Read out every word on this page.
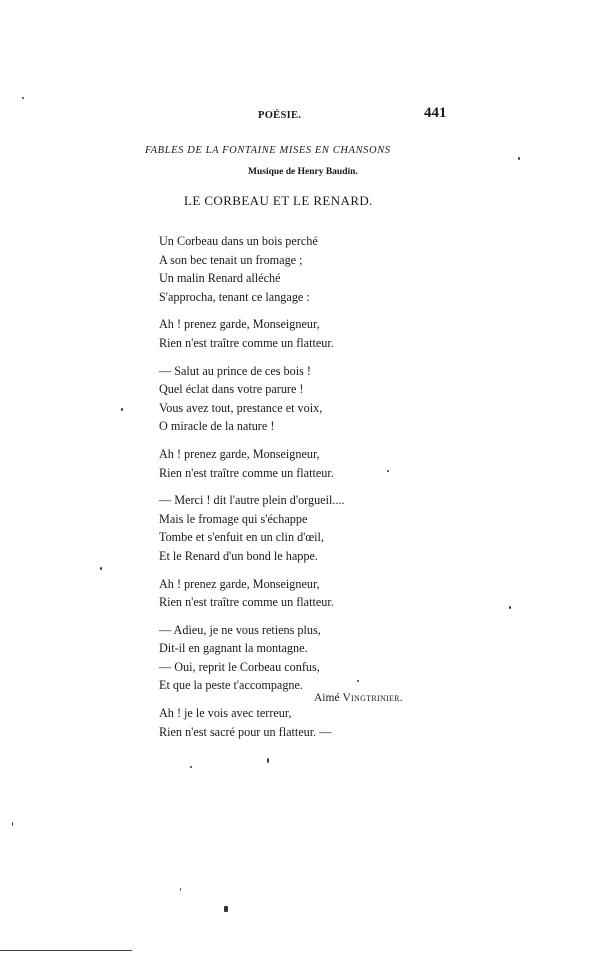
POÉSIE.	441
FABLES DE LA FONTAINE MISES EN CHANSONS
Musique de Henry Baudin.
LE CORBEAU ET LE RENARD.
Un Corbeau dans un bois perché
A son bec tenait un fromage ;
Un malin Renard alléché
S'approcha, tenant ce langage :
Ah ! prenez garde, Monseigneur,
Rien n'est traître comme un flatteur.
— Salut au prince de ces bois !
Quel éclat dans votre parure !
Vous avez tout, prestance et voix,
O miracle de la nature !
Ah ! prenez garde, Monseigneur,
Rien n'est traître comme un flatteur.
— Merci ! dit l'autre plein d'orgueil....
Mais le fromage qui s'échappe
Tombe et s'enfuit en un clin d'œil,
Et le Renard d'un bond le happe.
Ah ! prenez garde, Monseigneur,
Rien n'est traître comme un flatteur.
— Adieu, je ne vous retiens plus,
Dit-il en gagnant la montagne.
— Oui, reprit le Corbeau confus,
Et que la peste t'accompagne.
Ah ! je le vois avec terreur,
Rien n'est sacré pour un flatteur. —
Aimé Vingtrinier.
